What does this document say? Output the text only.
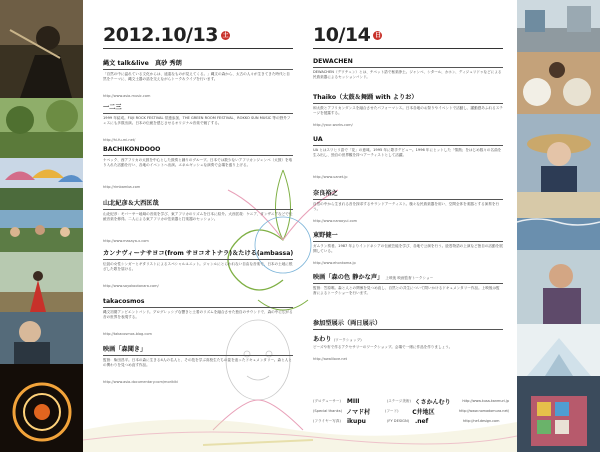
2012.10/13 土	10/14 日
縄文 talk&live　真砂 秀朗
「自然の中に溢れている文化からは、遥遠なものが見えてくる。」縄文の森から、太古の人々が生きてきた時代と自然をテーマに、縄文土器の話を交えながらトーク＆ライブを行います。
http://www.asia-music.com
一二三
1999 年結成。FUJI ROCK FESTIVAL 常連参加、THE GREEN ROOM FESTIVAL、ROKKO SUN MUSIC 等の野外フェスにも多数出演。日本の伝統を感じさせるオリジナル音楽で魅了する。
http://hi-fu-mi.net/
BACHIKONDOOO
ケベック、西アフリカの太鼓を中心とした鼓奏と踊りのグループ。日本では数少ないアフリカンジェンベ（太鼓）を取り入れた活動を行い、各地のイベントへ出演。エネルギッシュな演奏で会場を盛り上げる。
http://rimbamba.com
山北紀彦＆大西匡哉
山北紀彦：モバーサー地域の音楽を学び、東アフリカのリズムを日本に紹介。大西匡哉：ケニア、タンザニアなどで伝統音楽を修得。二人による東アフリカの弦楽器と打楽器のセッション。
http://www.masaya-x.com
カンナヴィーナサヨコ(from サヨコオトナラ)＆たける(ambassa)
伝説の女性シンガーとギタリストによるスペシャルユニット。ジャンルにとらわれない自由な音楽で、日本の土地に根ざした歌を届ける。
http://www.sayokootonara.com/
takacosmos
縄文初期アンビエントバンド。プログレッシブな響きと土着のリズムを融合させた独自のサウンドで、森の中に広がる音の世界を表現する。
http://takacosmos.blog.com
映画「森聞き」
監督：柴田昌平。日本の森に生きる4人の名人と、その技を学ぶ高校生たちの姿を追ったドキュメンタリー。森と人との関わりを見つめ直す作品。
http://www.asia-documentary.com/morikiki
DEWACHEN
DEWACHEN（デワチェン）とは、チベット語で極楽浄土。ジャンベ、シタール、カホン、ディジュリドゥなどによる民族楽器によるセッションバンド。
Thaiko（太鼓＆舞踊 with よりお）
和太鼓とアフリカンダンスを融合させたパフォーマンス。日本各地のお祭りやイベントで活動し、躍動感あふれるステージを披露する。
http://your-works.com/
UA
UA とはスワヒリ語で「花」の意味。1995 年に歌手デビュー。1996 年にヒットした「情熱」をはじめ数々の名曲を生み出し、独自の世界観を持つアーティストとして活躍。
http://www.uanet.jp
奈良裕之
自然の中から生まれる音を探求するサウンドアーティスト。様々な民族楽器を用い、空間全体を楽器とする演奏を行う。
http://www.naraoyui.com
東野健一
ガムラン奏者。1987 年よりインドネシアの伝統芸能を学び、各地で公演を行う。絵巻物語の上演など独自の活動を展開している。
http://www.ehonkoma.jp
映画「森の色 静かな声」 上映後 映画監督トークショー
監督：笠原唯。森と人との関係を見つめ直し、自然との共生について問いかけるドキュメンタリー作品。上映後は監督によるトークショーを行います。
参加型展示（両日展示）
あわり (ワークショップ)
ビーズや布で作るアクセサリーのワークショップ。会場で一緒に作品を作りましょう。
http://awalilove.net
(プロデューサー)	MIII	(ステージ美術) くさかんむり	http://www.kusa-kanmuri.jp
(Special thanks) ノマド村	(フード)	C井地区	http://www.nomadomura.net/
(フライヤー写真)	ikupu	(FY DESIGN) .nef	http://nef-design.com
